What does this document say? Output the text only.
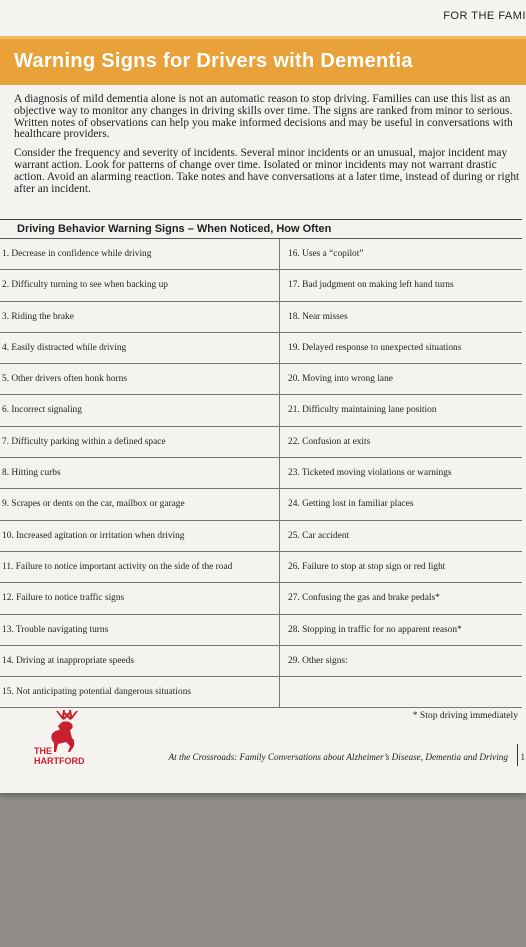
FOR THE FAMI
Warning Signs for Drivers with Dementia

A diagnosis of mild dementia alone is not an automatic reason to stop driving. Families can use this list as an objective way to monitor any changes in driving skills over time. The signs are ranked from minor to serious. Written notes of observations can help you make informed decisions and may be useful in conversations with healthcare providers.

Consider the frequency and severity of incidents. Several minor incidents or an unusual, major incident may warrant action. Look for patterns of change over time. Isolated or minor incidents may not warrant drastic action. Avoid an alarming reaction. Take notes and have conversations at a later time, instead of during or right after an incident.

Driving Behavior Warning Signs – When Noticed, How Often
1. Decrease in confidence while driving	16. Uses a “copilot”
2. Difficulty turning to see when backing up	17. Bad judgment on making left hand turns
3. Riding the brake	18. Near misses
4. Easily distracted while driving	19. Delayed response to unexpected situations
5. Other drivers often honk horns	20. Moving into wrong lane
6. Incorrect signaling	21. Difficulty maintaining lane position
7. Difficulty parking within a defined space	22. Confusion at exits
8. Hitting curbs	23. Ticketed moving violations or warnings
9. Scrapes or dents on the car, mailbox or garage	24. Getting lost in familiar places
10. Increased agitation or irritation when driving	25. Car accident
11. Failure to notice important activity on the side of the road	26. Failure to stop at stop sign or red light
12. Failure to notice traffic signs	27. Confusing the gas and brake pedals*
13. Trouble navigating turns	28. Stopping in traffic for no apparent reason*
14. Driving at inappropriate speeds	29. Other signs:
15. Not anticipating potential dangerous situations
* Stop driving immediately
THE
HARTFORD	At the Crossroads: Family Conversations about Alzheimer’s Disease, Dementia and Driving 1
